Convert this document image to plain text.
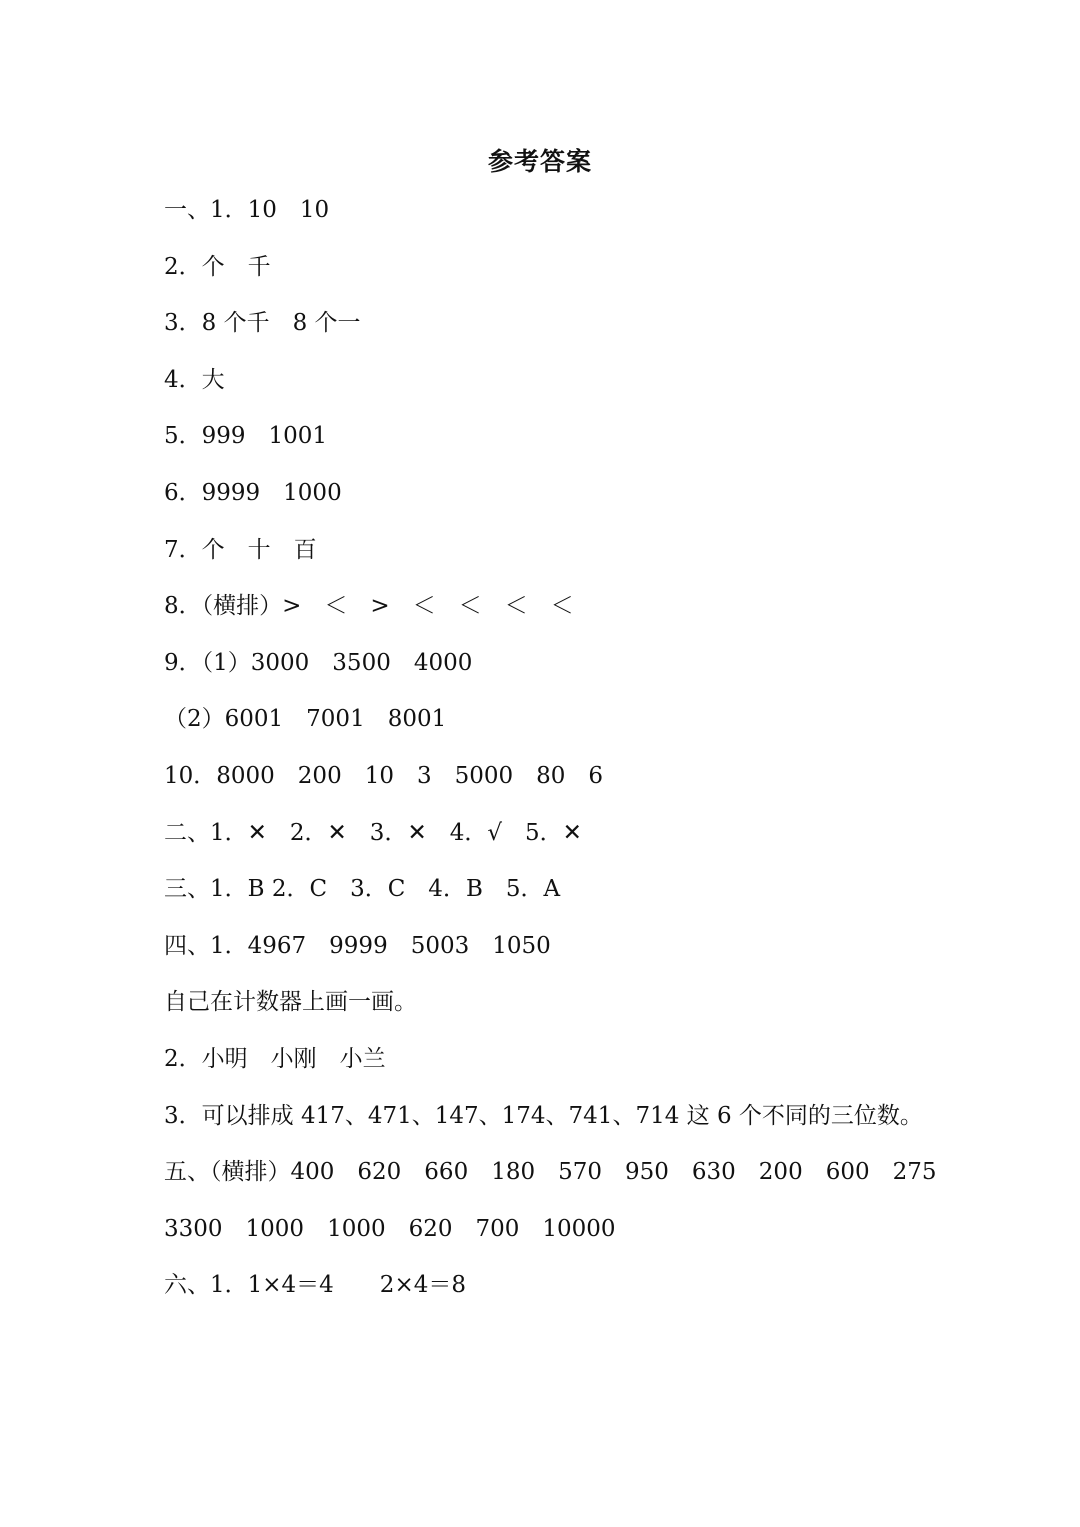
参考答案
一、1．10　10
2．个　千
3．8 个千　8 个一
4．大
5．999　1001
6．9999　1000
7．个　十　百
8．（横排）>　＜　>　＜　＜　＜　＜
9．（1）3000　3500　4000
（2）6001　7001　8001
10．8000　200　10　3　5000　80　6
二、1．✕　2．✕　3．✕　4．√　5．✕
三、1．B 2．C　3．C　4．B　5．A
四、1．4967　9999　5003　1050
自己在计数器上画一画。
2．小明　小刚　小兰
3．可以排成 417、471、147、174、741、714 这 6 个不同的三位数。
五、（横排）400　620　660　180　570　950　630　200　600　275
3300　1000　1000　620　700　10000
六、1．1×4＝4　　2×4＝8
